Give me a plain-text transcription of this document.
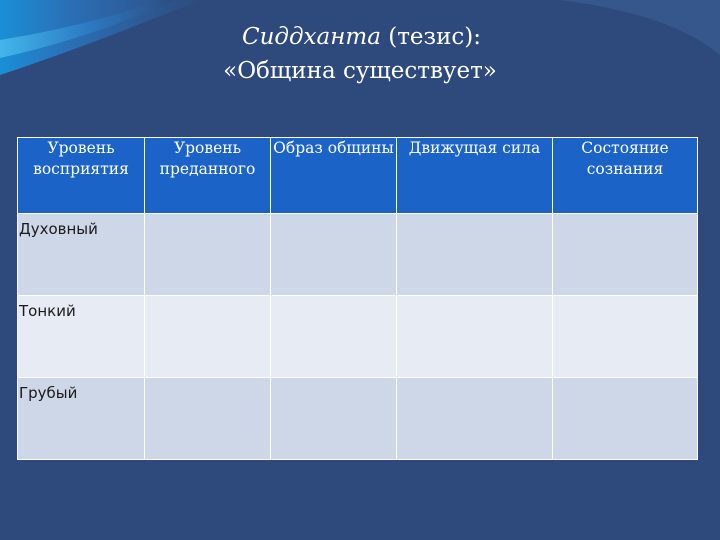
Сиддханта (тезис):
«Община существует»
Уровень восприятия	Уровень преданного	Образ общины	Движущая сила	Состояние сознания
Духовный				
Тонкий				
Грубый				
